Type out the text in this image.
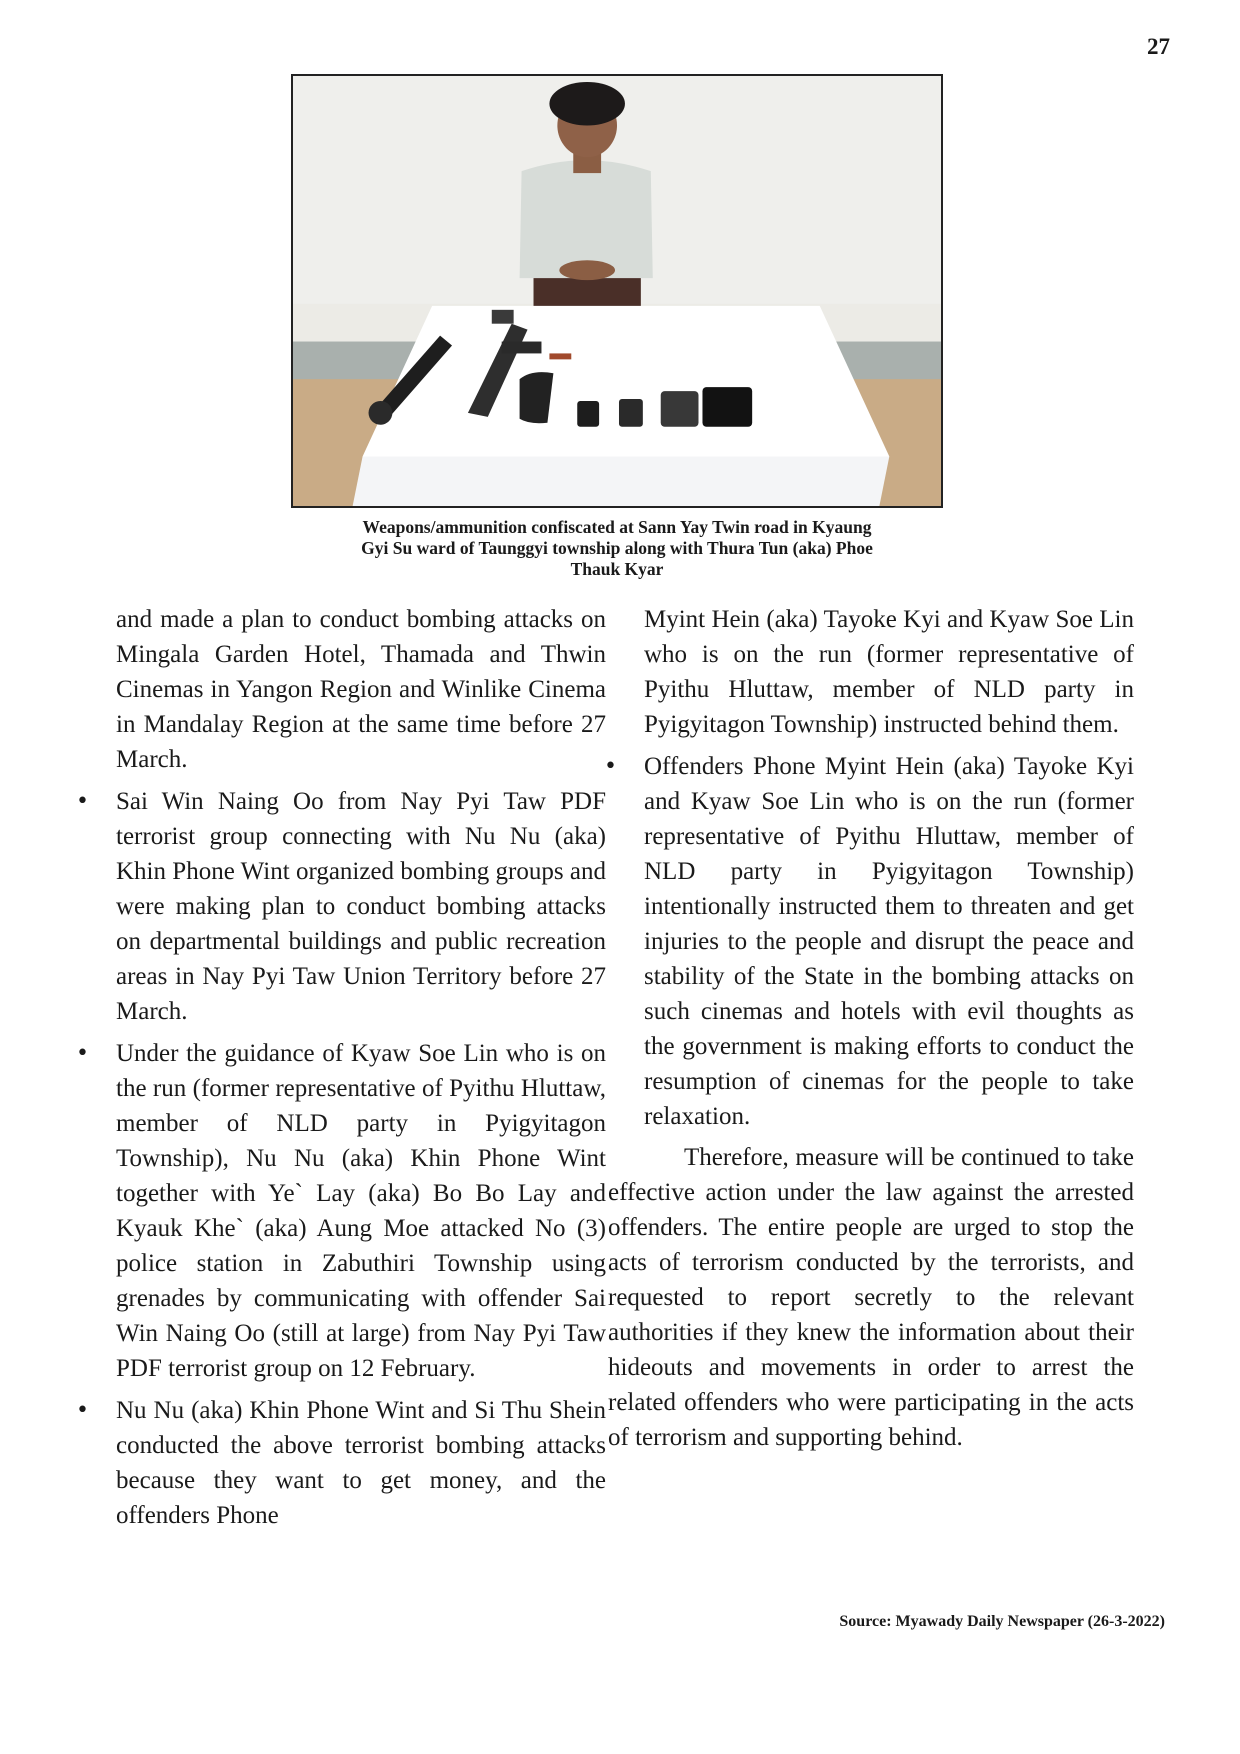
27
Weapons/ammunition confiscated at Sann Yay Twin road in Kyaung
Gyi Su ward of Taunggyi township along with Thura Tun (aka) Phoe
Thauk Kyar

and made a plan to conduct bombing attacks on Mingala Garden Hotel, Thamada and Thwin Cinemas in Yangon Region and Winlike Cinema in Mandalay Region at the same time before 27 March.

• Sai Win Naing Oo from Nay Pyi Taw PDF terrorist group connecting with Nu Nu (aka) Khin Phone Wint organized bombing groups and were making plan to conduct bombing attacks on departmental buildings and public recreation areas in Nay Pyi Taw Union Territory before 27 March.
• Under the guidance of Kyaw Soe Lin who is on the run (former representative of Pyithu Hluttaw, member of NLD party in Pyigyitagon Township), Nu Nu (aka) Khin Phone Wint together with Ye` Lay (aka) Bo Bo Lay and Kyauk Khe` (aka) Aung Moe attacked No (3) police station in Zabuthiri Township using grenades by communicating with offender Sai Win Naing Oo (still at large) from Nay Pyi Taw PDF terrorist group on 12 February.
• Nu Nu (aka) Khin Phone Wint and Si Thu Shein conducted the above terrorist bombing attacks because they want to get money, and the offenders Phone

Myint Hein (aka) Tayoke Kyi and Kyaw Soe Lin who is on the run (former representative of Pyithu Hluttaw, member of NLD party in Pyigyitagon Township) instructed behind them.

• Offenders Phone Myint Hein (aka) Tayoke Kyi and Kyaw Soe Lin who is on the run (former representative of Pyithu Hluttaw, member of NLD party in Pyigyitagon Township) intentionally instructed them to threaten and get injuries to the people and disrupt the peace and stability of the State in the bombing attacks on such cinemas and hotels with evil thoughts as the government is making efforts to conduct the resumption of cinemas for the people to take relaxation.

Therefore, measure will be continued to take effective action under the law against the arrested offenders. The entire people are urged to stop the acts of terrorism conducted by the terrorists, and requested to report secretly to the relevant authorities if they knew the information about their hideouts and movements in order to arrest the related offenders who were participating in the acts of terrorism and supporting behind.

Source: Myawady Daily Newspaper (26-3-2022)
